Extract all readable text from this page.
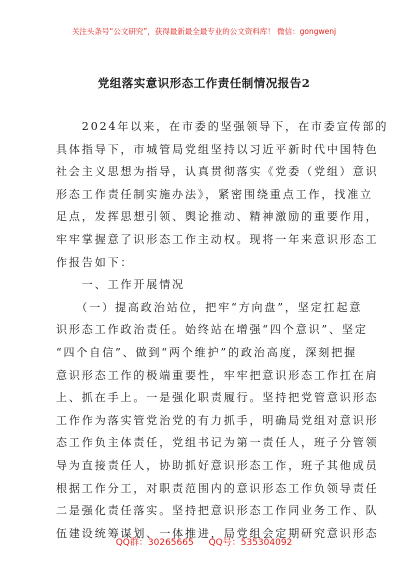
关注头条号“公文研究”，获得最新最全最专业的公文资料库！ 微信：gongwenj
党组落实意识形态工作责任制情况报告2
　　2024年以来，在市委的坚强领导下，在市委宣传部的
具体指导下，市城管局党组坚持以习近平新时代中国特色
社会主义思想为指导，认真贯彻落实《党委（党组）意识
形态工作责任制实施办法》，紧密围绕重点工作，找准立
足点，发挥思想引领、舆论推动、精神激励的重要作用，
牢牢掌握意了识形态工作主动权。现将一年来意识形态工
作报告如下：
　　一、工作开展情况
　　（一）提高政治站位，把牢“方向盘”，坚定扛起意
识形态工作政治责任。始终站在增强“四个意识”、坚定
“四个自信”、做到“两个维护”的政治高度，深刻把握
意识形态工作的极端重要性，牢牢把意识形态工作扛在肩
上、抓在手上。一是强化职责履行。坚持把党管意识形态
工作作为落实管党治党的有力抓手，明确局党组对意识形
态工作负主体责任，党组书记为第一责任人，班子分管领
导为直接责任人，协助抓好意识形态工作，班子其他成员
根据工作分工，对职责范围内的意识形态工作负领导责任
二是强化责任落实。坚持把意识形态工作同业务工作、队
伍建设统筹谋划、一体推进，局党组会定期研究意识形态
QQ群：30265665 QQ号：535304092
